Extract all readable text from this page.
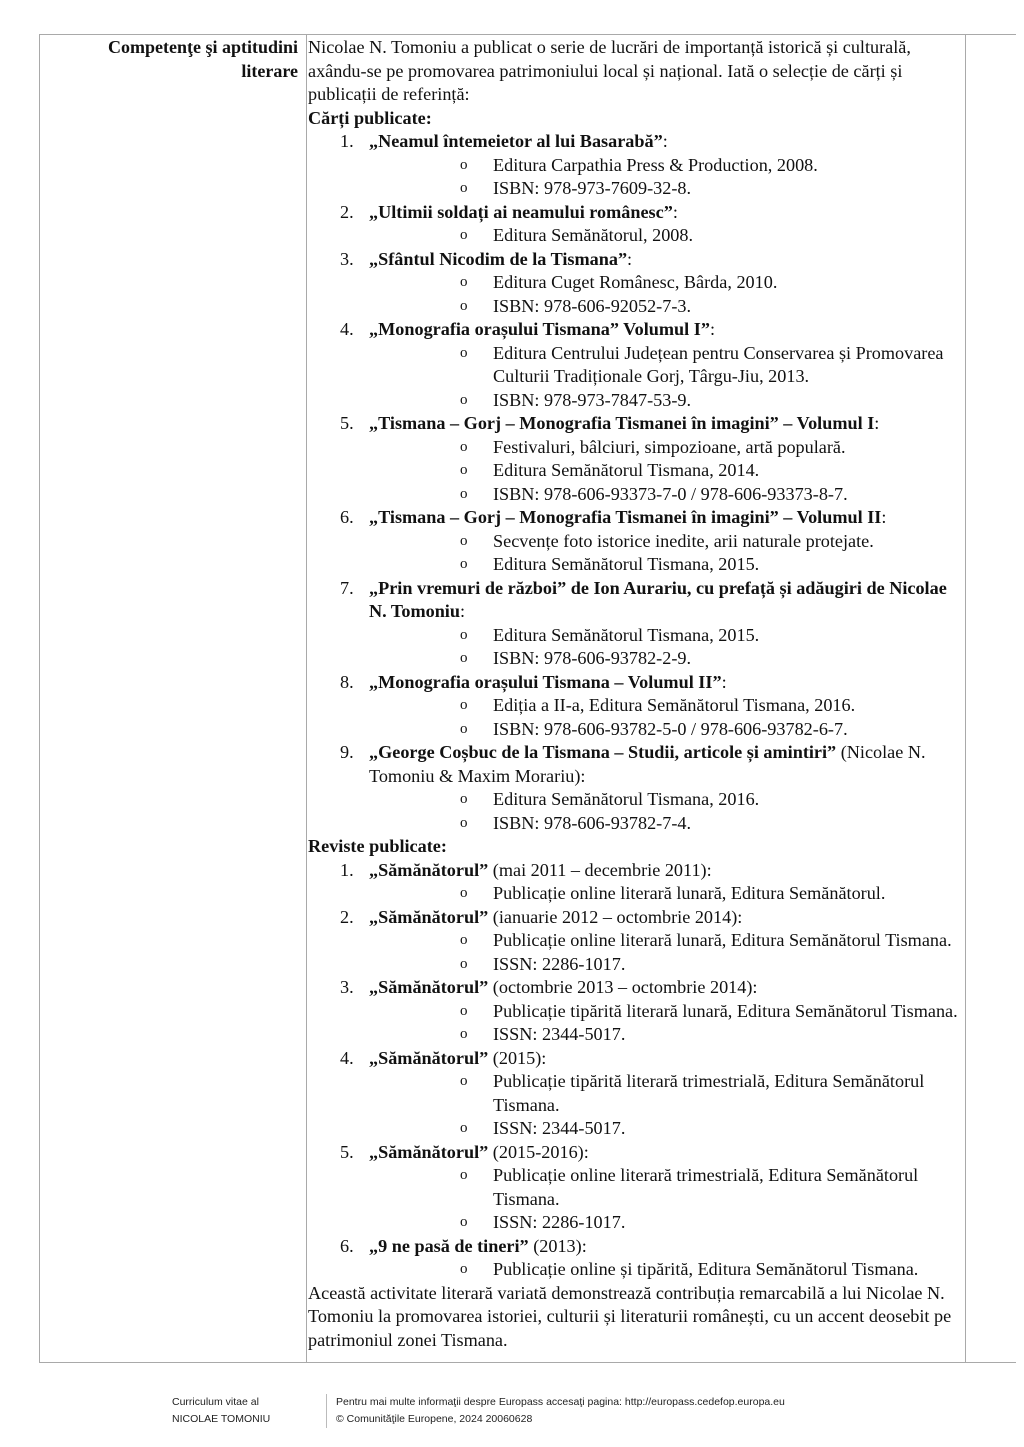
Competenţe şi aptitudini
literare

Nicolae N. Tomoniu a publicat o serie de lucrări de importanță istorică și culturală, axându-se pe promovarea patrimoniului local și național. Iată o selecție de cărți și publicații de referință:

Cărți publicate:
1. „Neamul întemeietor al lui Basarabă”:
o Editura Carpathia Press & Production, 2008.
o ISBN: 978-973-7609-32-8.
2. „Ultimii soldați ai neamului românesc”:
o Editura Semănătorul, 2008.
3. „Sfântul Nicodim de la Tismana”:
o Editura Cuget Românesc, Bârda, 2010.
o ISBN: 978-606-92052-7-3.
4. „Monografia orașului Tismana” Volumul I”:
o Editura Centrului Județean pentru Conservarea și Promovarea Culturii Tradiționale Gorj, Târgu-Jiu, 2013.
o ISBN: 978-973-7847-53-9.
5. „Tismana – Gorj – Monografia Tismanei în imagini” – Volumul I:
o Festivaluri, bâlciuri, simpozioane, artă populară.
o Editura Semănătorul Tismana, 2014.
o ISBN: 978-606-93373-7-0 / 978-606-93373-8-7.
6. „Tismana – Gorj – Monografia Tismanei în imagini” – Volumul II:
o Secvențe foto istorice inedite, arii naturale protejate.
o Editura Semănătorul Tismana, 2015.
7. „Prin vremuri de război” de Ion Aurariu, cu prefață și adăugiri de Nicolae N. Tomoniu:
o Editura Semănătorul Tismana, 2015.
o ISBN: 978-606-93782-2-9.
8. „Monografia orașului Tismana – Volumul II”:
o Ediția a II-a, Editura Semănătorul Tismana, 2016.
o ISBN: 978-606-93782-5-0 / 978-606-93782-6-7.
9. „George Coșbuc de la Tismana – Studii, articole și amintiri” (Nicolae N. Tomoniu & Maxim Morariu):
o Editura Semănătorul Tismana, 2016.
o ISBN: 978-606-93782-7-4.
Reviste publicate:
1. „Sămănătorul” (mai 2011 – decembrie 2011):
o Publicație online literară lunară, Editura Semănătorul.
2. „Sămănătorul” (ianuarie 2012 – octombrie 2014):
o Publicație online literară lunară, Editura Semănătorul Tismana.
o ISSN: 2286-1017.
3. „Sămănătorul” (octombrie 2013 – octombrie 2014):
o Publicație tipărită literară lunară, Editura Semănătorul Tismana.
o ISSN: 2344-5017.
4. „Sămănătorul” (2015):
o Publicație tipărită literară trimestrială, Editura Semănătorul Tismana.
o ISSN: 2344-5017.
5. „Sămănătorul” (2015-2016):
o Publicație online literară trimestrială, Editura Semănătorul Tismana.
o ISSN: 2286-1017.
6. „9 ne pasă de tineri” (2013):
o Publicație online și tipărită, Editura Semănătorul Tismana.

Această activitate literară variată demonstrează contribuția remarcabilă a lui Nicolae N. Tomoniu la promovarea istoriei, culturii și literaturii românești, cu un accent deosebit pe patrimoniul zonei Tismana.

Curriculum vitae al
NICOLAE TOMONIU
Pentru mai multe informaţii despre Europass accesaţi pagina: http://europass.cedefop.europa.eu
© Comunităţile Europene, 2024 20060628
